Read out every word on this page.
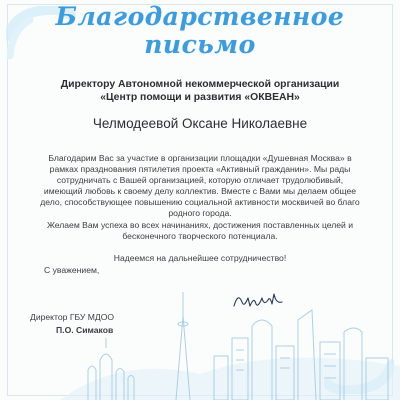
Благодарственное
письмо
Директору Автономной некоммерческой организации
«Центр помощи и развития «ОКВЕАН»
Челмодеевой Оксане Николаевне
Благодарим Вас за участие в организации площадки «Душевная Москва» в рамках празднования пятилетия проекта «Активный гражданин». Мы рады сотрудничать с Вашей организацией, которую отличает трудолюбивый, имеющий любовь к своему делу коллектив. Вместе с Вами мы делаем общее дело, способствующее повышению социальной активности москвичей во благо родного города.
Желаем Вам успеха во всех начинаниях, достижения поставленных целей и бесконечного творческого потенциала.
Надеемся на дальнейшее сотрудничество!
С уважением,
Директор ГБУ МДОО
П.О. Симаков
